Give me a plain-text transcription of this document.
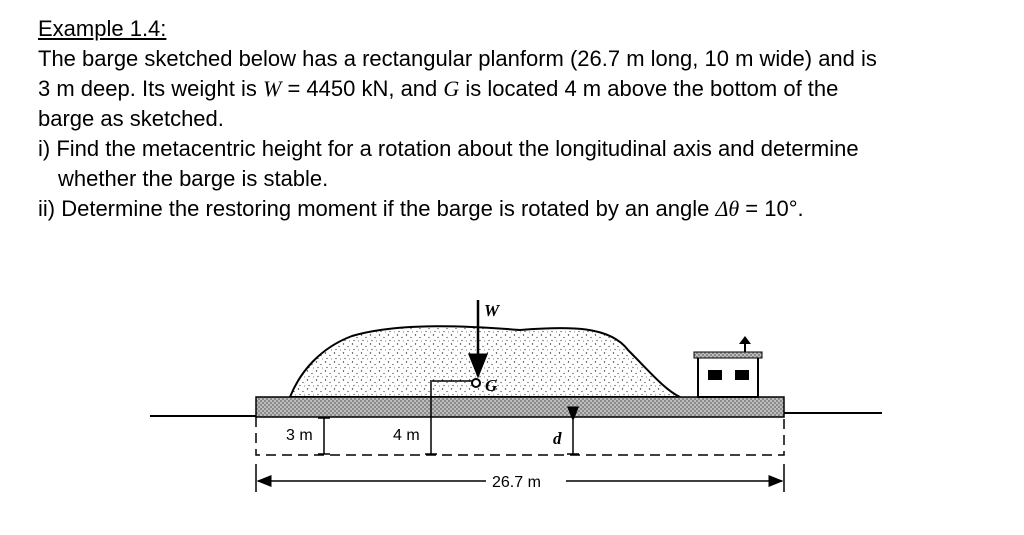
Example 1.4:

The barge sketched below has a rectangular planform (26.7 m long, 10 m wide) and is

3 m deep. Its weight is W = 4450 kN, and G is located 4 m above the bottom of the

barge as sketched.

i) Find the metacentric height for a rotation about the longitudinal axis and determine

whether the barge is stable.

ii) Determine the restoring moment if the barge is rotated by an angle Δθ = 10°.

W
G
3 m	4 m	d
26.7 m
